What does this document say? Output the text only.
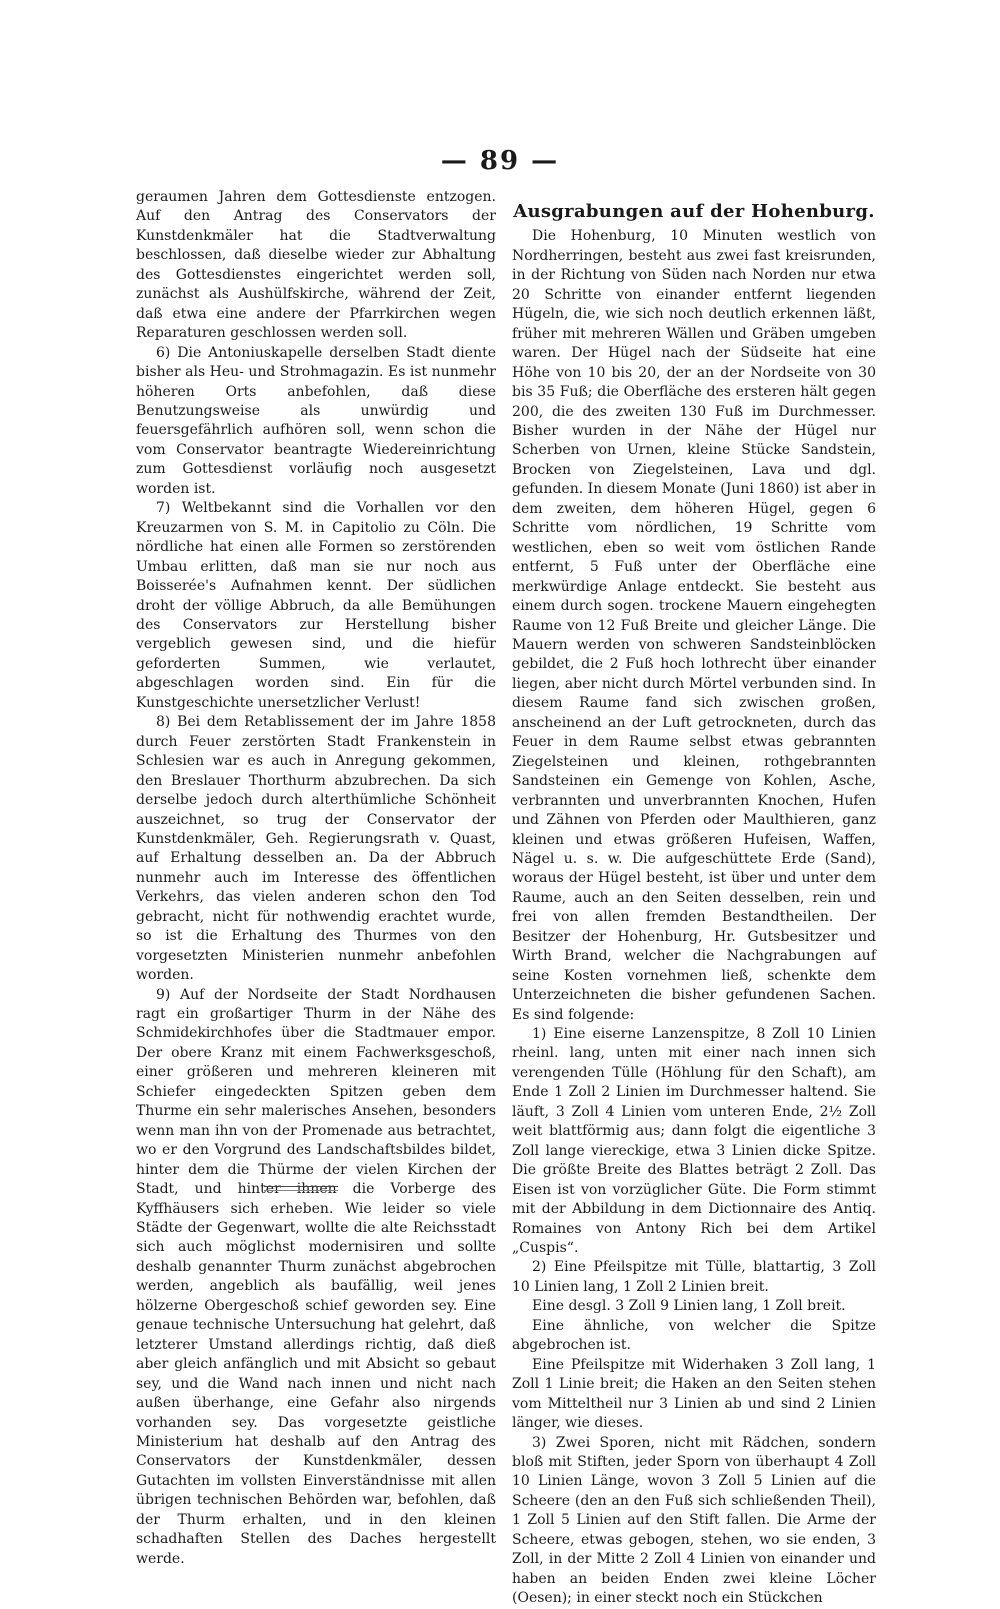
— 89 —

geraumen Jahren dem Gottesdienste entzogen. Auf den Antrag des Conservators der Kunstdenkmäler hat die Stadtverwaltung beschlossen, daß dieselbe wieder zur Abhaltung des Gottesdienstes eingerichtet werden soll, zunächst als Aushülfskirche, während der Zeit, daß etwa eine andere der Pfarrkirchen wegen Reparaturen geschlossen werden soll.

6) Die Antoniuskapelle derselben Stadt diente bisher als Heu- und Strohmagazin. Es ist nunmehr höheren Orts anbefohlen, daß diese Benutzungsweise als unwürdig und feuersgefährlich aufhören soll, wenn schon die vom Conservator beantragte Wiedereinrichtung zum Gottesdienst vorläufig noch ausgesetzt worden ist.

7) Weltbekannt sind die Vorhallen vor den Kreuzarmen von S. M. in Capitolio zu Cöln. Die nördliche hat einen alle Formen so zerstörenden Umbau erlitten, daß man sie nur noch aus Boisserée's Aufnahmen kennt. Der südlichen droht der völlige Abbruch, da alle Bemühungen des Conservators zur Herstellung bisher vergeblich gewesen sind, und die hiefür geforderten Summen, wie verlautet, abgeschlagen worden sind. Ein für die Kunstgeschichte unersetzlicher Verlust!

8) Bei dem Retablissement der im Jahre 1858 durch Feuer zerstörten Stadt Frankenstein in Schlesien war es auch in Anregung gekommen, den Breslauer Thorthurm abzubrechen. Da sich derselbe jedoch durch alterthümliche Schönheit auszeichnet, so trug der Conservator der Kunstdenkmäler, Geh. Regierungsrath v. Quast, auf Erhaltung desselben an. Da der Abbruch nunmehr auch im Interesse des öffentlichen Verkehrs, das vielen anderen schon den Tod gebracht, nicht für nothwendig erachtet wurde, so ist die Erhaltung des Thurmes von den vorgesetzten Ministerien nunmehr anbefohlen worden.

9) Auf der Nordseite der Stadt Nordhausen ragt ein großartiger Thurm in der Nähe des Schmidekirchhofes über die Stadtmauer empor. Der obere Kranz mit einem Fachwerksgeschoß, einer größeren und mehreren kleineren mit Schiefer eingedeckten Spitzen geben dem Thurme ein sehr malerisches Ansehen, besonders wenn man ihn von der Promenade aus betrachtet, wo er den Vorgrund des Landschaftsbildes bildet, hinter dem die Thürme der vielen Kirchen der Stadt, und hinter ihnen die Vorberge des Kyffhäusers sich erheben. Wie leider so viele Städte der Gegenwart, wollte die alte Reichsstadt sich auch möglichst modernisiren und sollte deshalb genannter Thurm zunächst abgebrochen werden, angeblich als baufällig, weil jenes hölzerne Obergeschoß schief geworden sey. Eine genaue technische Untersuchung hat gelehrt, daß letzterer Umstand allerdings richtig, daß dieß aber gleich anfänglich und mit Absicht so gebaut sey, und die Wand nach innen und nicht nach außen überhange, eine Gefahr also nirgends vorhanden sey. Das vorgesetzte geistliche Ministerium hat deshalb auf den Antrag des Conservators der Kunstdenkmäler, dessen Gutachten im vollsten Einverständnisse mit allen übrigen technischen Behörden war, befohlen, daß der Thurm erhalten, und in den kleinen schadhaften Stellen des Daches hergestellt werde.

Ausgrabungen auf der Hohenburg.

Die Hohenburg, 10 Minuten westlich von Nordherringen, besteht aus zwei fast kreisrunden, in der Richtung von Süden nach Norden nur etwa 20 Schritte von einander entfernt liegenden Hügeln, die, wie sich noch deutlich erkennen läßt, früher mit mehreren Wällen und Gräben umgeben waren. Der Hügel nach der Südseite hat eine Höhe von 10 bis 20, der an der Nordseite von 30 bis 35 Fuß; die Oberfläche des ersteren hält gegen 200, die des zweiten 130 Fuß im Durchmesser. Bisher wurden in der Nähe der Hügel nur Scherben von Urnen, kleine Stücke Sandstein, Brocken von Ziegelsteinen, Lava und dgl. gefunden. In diesem Monate (Juni 1860) ist aber in dem zweiten, dem höheren Hügel, gegen 6 Schritte vom nördlichen, 19 Schritte vom westlichen, eben so weit vom östlichen Rande entfernt, 5 Fuß unter der Oberfläche eine merkwürdige Anlage entdeckt. Sie besteht aus einem durch sogen. trockene Mauern eingehegten Raume von 12 Fuß Breite und gleicher Länge. Die Mauern werden von schweren Sandsteinblöcken gebildet, die 2 Fuß hoch lothrecht über einander liegen, aber nicht durch Mörtel verbunden sind. In diesem Raume fand sich zwischen großen, anscheinend an der Luft getrockneten, durch das Feuer in dem Raume selbst etwas gebrannten Ziegelsteinen und kleinen, rothgebrannten Sandsteinen ein Gemenge von Kohlen, Asche, verbrannten und unverbrannten Knochen, Hufen und Zähnen von Pferden oder Maulthieren, ganz kleinen und etwas größeren Hufeisen, Waffen, Nägel u. s. w. Die aufgeschüttete Erde (Sand), woraus der Hügel besteht, ist über und unter dem Raume, auch an den Seiten desselben, rein und frei von allen fremden Bestandtheilen. Der Besitzer der Hohenburg, Hr. Gutsbesitzer und Wirth Brand, welcher die Nachgrabungen auf seine Kosten vornehmen ließ, schenkte dem Unterzeichneten die bisher gefundenen Sachen. Es sind folgende:

1) Eine eiserne Lanzenspitze, 8 Zoll 10 Linien rheinl. lang, unten mit einer nach innen sich verengenden Tülle (Höhlung für den Schaft), am Ende 1 Zoll 2 Linien im Durchmesser haltend. Sie läuft, 3 Zoll 4 Linien vom unteren Ende, 2½ Zoll weit blattförmig aus; dann folgt die eigentliche 3 Zoll lange viereckige, etwa 3 Linien dicke Spitze. Die größte Breite des Blattes beträgt 2 Zoll. Das Eisen ist von vorzüglicher Güte. Die Form stimmt mit der Abbildung in dem Dictionnaire des Antiq. Romaines von Antony Rich bei dem Artikel „Cuspis“.

2) Eine Pfeilspitze mit Tülle, blattartig, 3 Zoll 10 Linien lang, 1 Zoll 2 Linien breit.

Eine desgl. 3 Zoll 9 Linien lang, 1 Zoll breit.

Eine ähnliche, von welcher die Spitze abgebrochen ist.

Eine Pfeilspitze mit Widerhaken 3 Zoll lang, 1 Zoll 1 Linie breit; die Haken an den Seiten stehen vom Mitteltheil nur 3 Linien ab und sind 2 Linien länger, wie dieses.

3) Zwei Sporen, nicht mit Rädchen, sondern bloß mit Stiften, jeder Sporn von überhaupt 4 Zoll 10 Linien Länge, wovon 3 Zoll 5 Linien auf die Scheere (den an den Fuß sich schließenden Theil), 1 Zoll 5 Linien auf den Stift fallen. Die Arme der Scheere, etwas gebogen, stehen, wo sie enden, 3 Zoll, in der Mitte 2 Zoll 4 Linien von einander und haben an beiden Enden zwei kleine Löcher (Oesen); in einer steckt noch ein Stückchen
